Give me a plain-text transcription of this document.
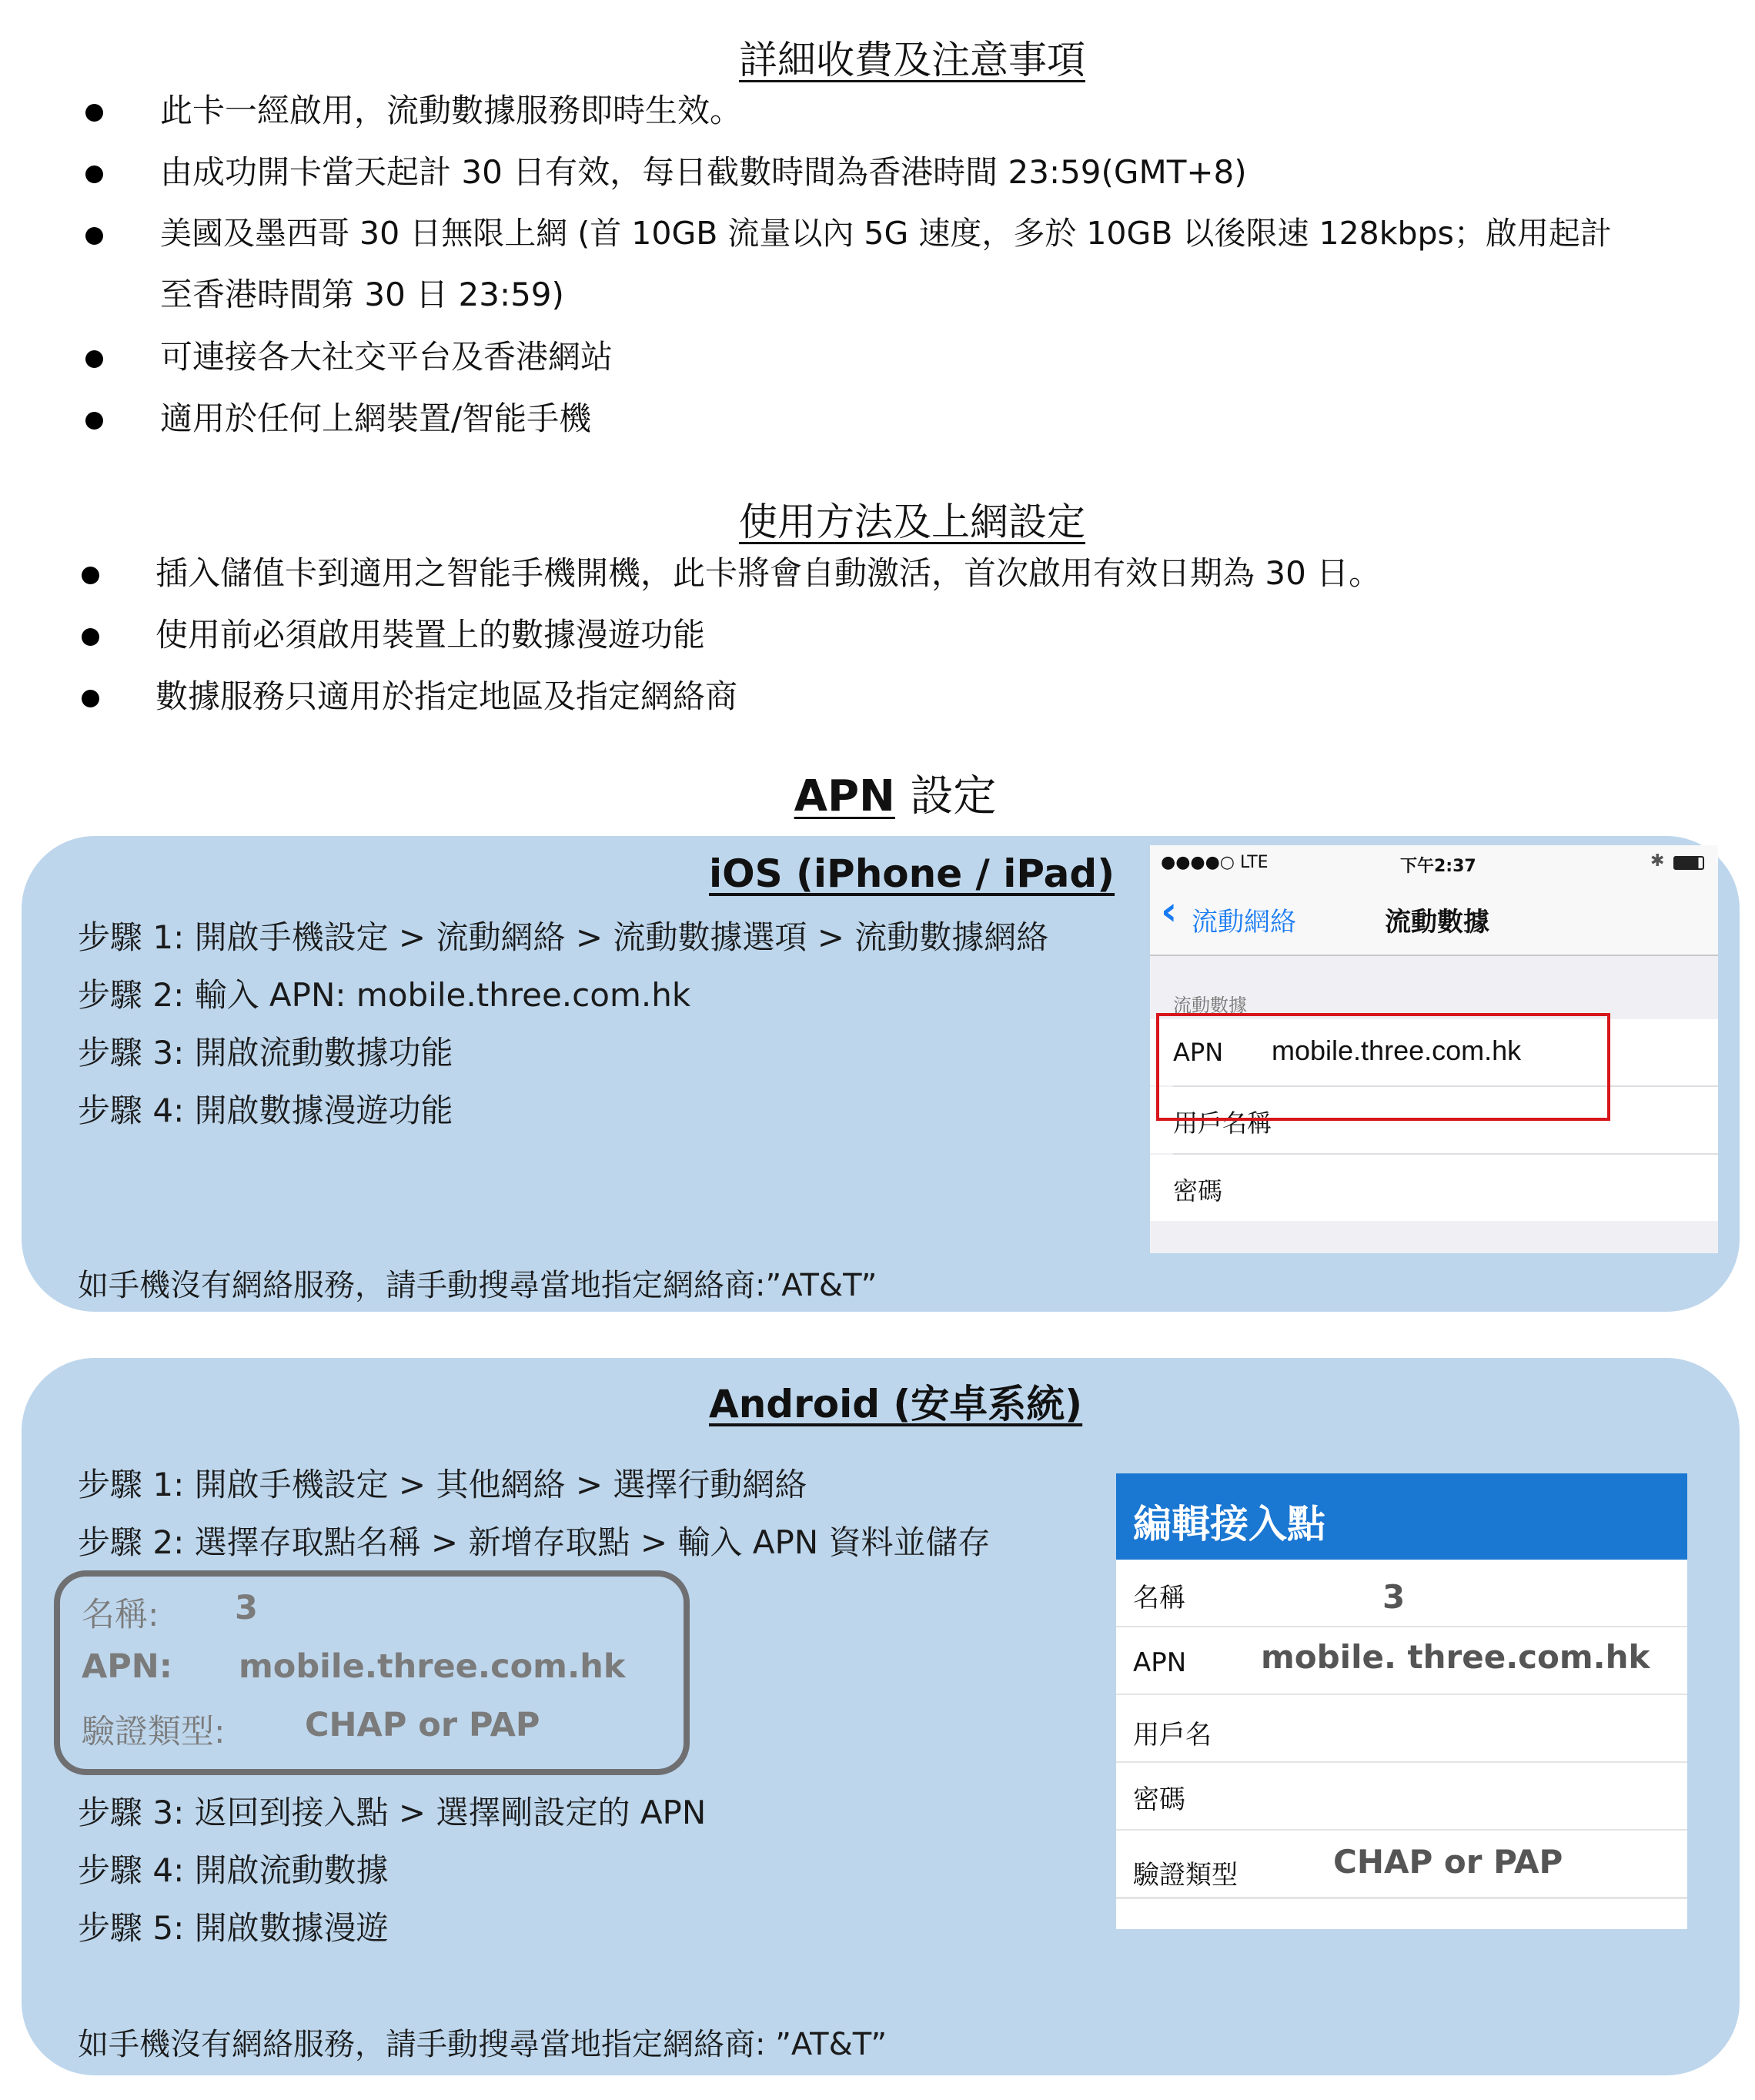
詳細收費及注意事項
此卡一經啟用，流動數據服務即時生效。
由成功開卡當天起計 30 日有效，每日截數時間為香港時間 23:59(GMT+8)
美國及墨西哥 30 日無限上網 (首 10GB 流量以內 5G 速度，多於 10GB 以後限速 128kbps；啟用起計
至香港時間第 30 日 23:59)
可連接各大社交平台及香港網站
適用於任何上網裝置/智能手機
使用方法及上網設定
插入儲值卡到適用之智能手機開機，此卡將會自動激活，首次啟用有效日期為 30 日。
使用前必須啟用裝置上的數據漫遊功能
數據服務只適用於指定地區及指定網絡商
APN 設定
iOS (iPhone / iPad)
步驟 1: 開啟手機設定 > 流動網絡 > 流動數據選項 > 流動數據網絡
步驟 2: 輸入 APN: mobile.three.com.hk
步驟 3: 開啟流動數據功能
步驟 4: 開啟數據漫遊功能
如手機沒有網絡服務，請手動搜尋當地指定網絡商:”AT&T”
●●●●○ LTE	下午2:37	✱
‹ 流動網絡	流動數據
流動數據
APN mobile.three.com.hk
用戶名稱
密碼
Android (安卓系統)
步驟 1: 開啟手機設定 > 其他網絡 > 選擇行動網絡
步驟 2: 選擇存取點名稱 > 新增存取點 > 輸入 APN 資料並儲存
名稱: 3
APN: mobile.three.com.hk
驗證類型: CHAP or PAP
步驟 3: 返回到接入點 > 選擇剛設定的 APN
步驟 4: 開啟流動數據
步驟 5: 開啟數據漫遊
如手機沒有網絡服務，請手動搜尋當地指定網絡商: ”AT&T”
編輯接入點
名稱	3
APN mobile. three.com.hk
用戶名
密碼
驗證類型	CHAP or PAP
